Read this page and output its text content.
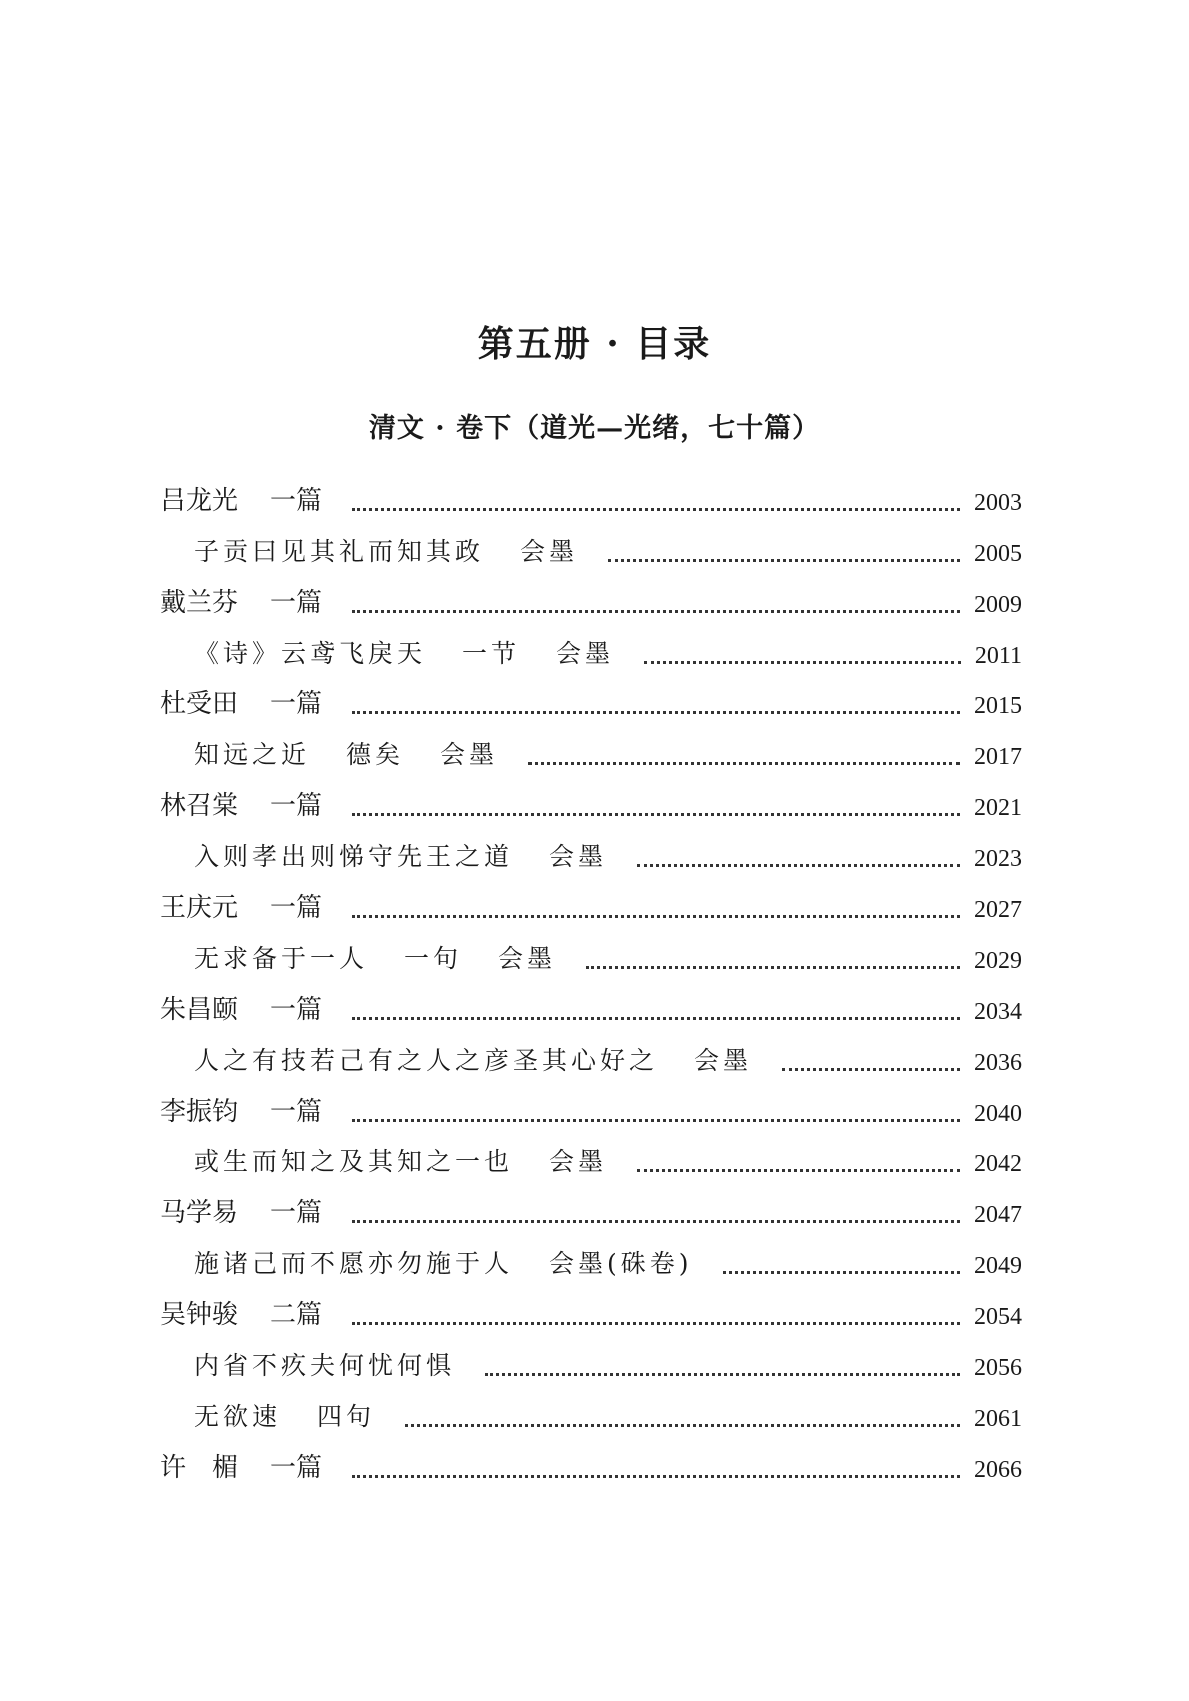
第五册 · 目录
清文 · 卷下（道光—光绪，七十篇）
吕龙光 一篇	2003
子贡曰见其礼而知其政 会墨	2005
戴兰芬 一篇	2009
《诗》云鸢飞戾天 一节 会墨	2011
杜受田 一篇	2015
知远之近 德矣 会墨	2017
林召棠 一篇	2021
入则孝出则悌守先王之道 会墨	2023
王庆元 一篇	2027
无求备于一人 一句 会墨	2029
朱昌颐 一篇	2034
人之有技若己有之人之彦圣其心好之 会墨	2036
李振钧 一篇	2040
或生而知之及其知之一也 会墨	2042
马学易 一篇	2047
施诸己而不愿亦勿施于人 会墨(硃卷)	2049
吴钟骏 二篇	2054
内省不疚夫何忧何惧	2056
无欲速 四句	2061
许　楣 一篇	2066
